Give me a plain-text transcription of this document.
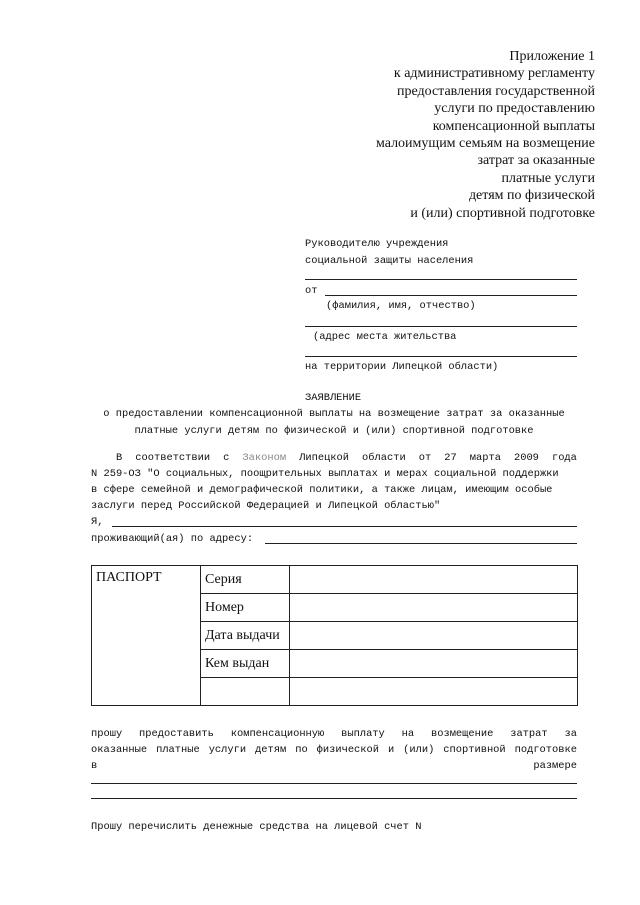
Приложение 1
к административному регламенту
предоставления государственной
услуги по предоставлению
компенсационной выплаты
малоимущим семьям на возмещение
затрат за оказанные
платные услуги
детям по физической
и (или) спортивной подготовке
Руководителю учреждения
социальной защиты населения
от
(фамилия, имя, отчество)
(адрес места жительства
на территории Липецкой области)
ЗАЯВЛЕНИЕ
о предоставлении компенсационной выплаты на возмещение затрат за оказанные
платные услуги детям по физической и (или) спортивной подготовке
В соответствии с Законом Липецкой области от 27 марта 2009 года
N 259-ОЗ "О социальных, поощрительных выплатах и мерах социальной поддержки
в сфере семейной и демографической политики, а также лицам, имеющим особые
заслуги перед Российской Федерацией и Липецкой областью"
Я,
проживающий(ая) по адресу:
ПАСПОРТ	Серия	
	Номер	
	Дата выдачи	
	Кем выдан	

прошу предоставить компенсационную выплату на возмещение затрат за
оказанные платные услуги детям по физической и (или) спортивной подготовке
в	размере
Прошу перечислить денежные средства на лицевой счет N
